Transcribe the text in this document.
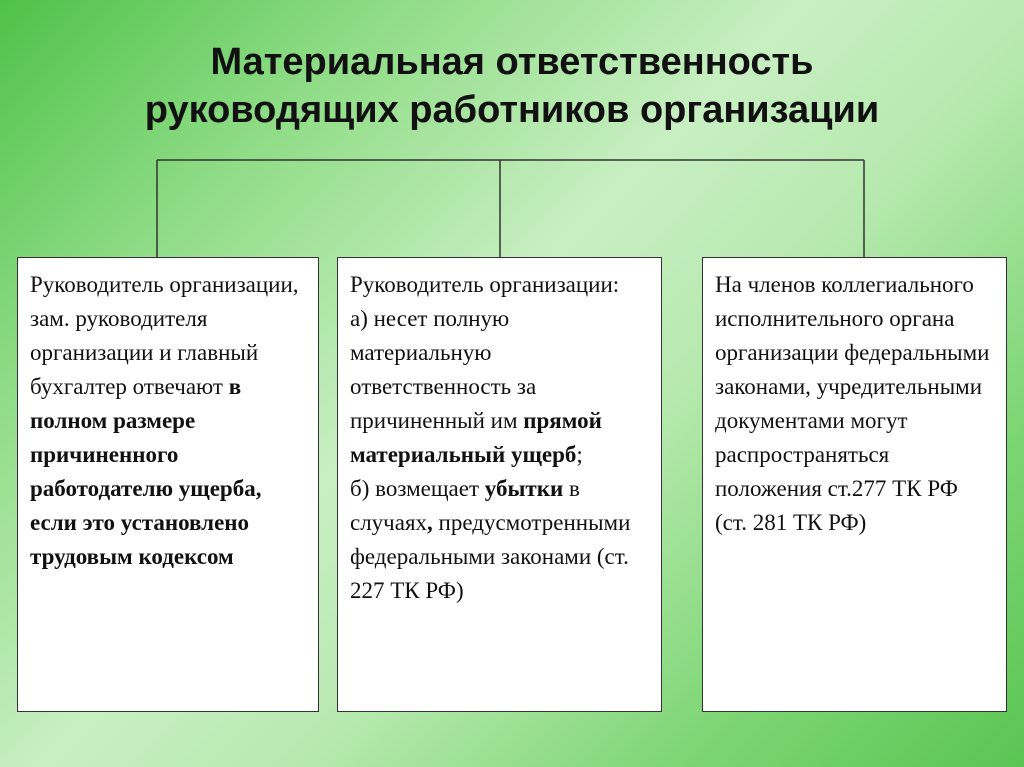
Материальная ответственность
руководящих работников организации
Руководитель организации, зам. руководителя организации и главный бухгалтер отвечают в полном размере причиненного работодателю ущерба, если это установлено трудовым кодексом
Руководитель организации:
а) несет полную материальную ответственность за причиненный им прямой материальный ущерб;
б) возмещает убытки в случаях, предусмотренными федеральными законами (ст. 227 ТК РФ)
На членов коллегиального исполнительного органа организации федеральными законами, учредительными документами могут распространяться положения ст.277 ТК РФ (ст. 281 ТК РФ)
